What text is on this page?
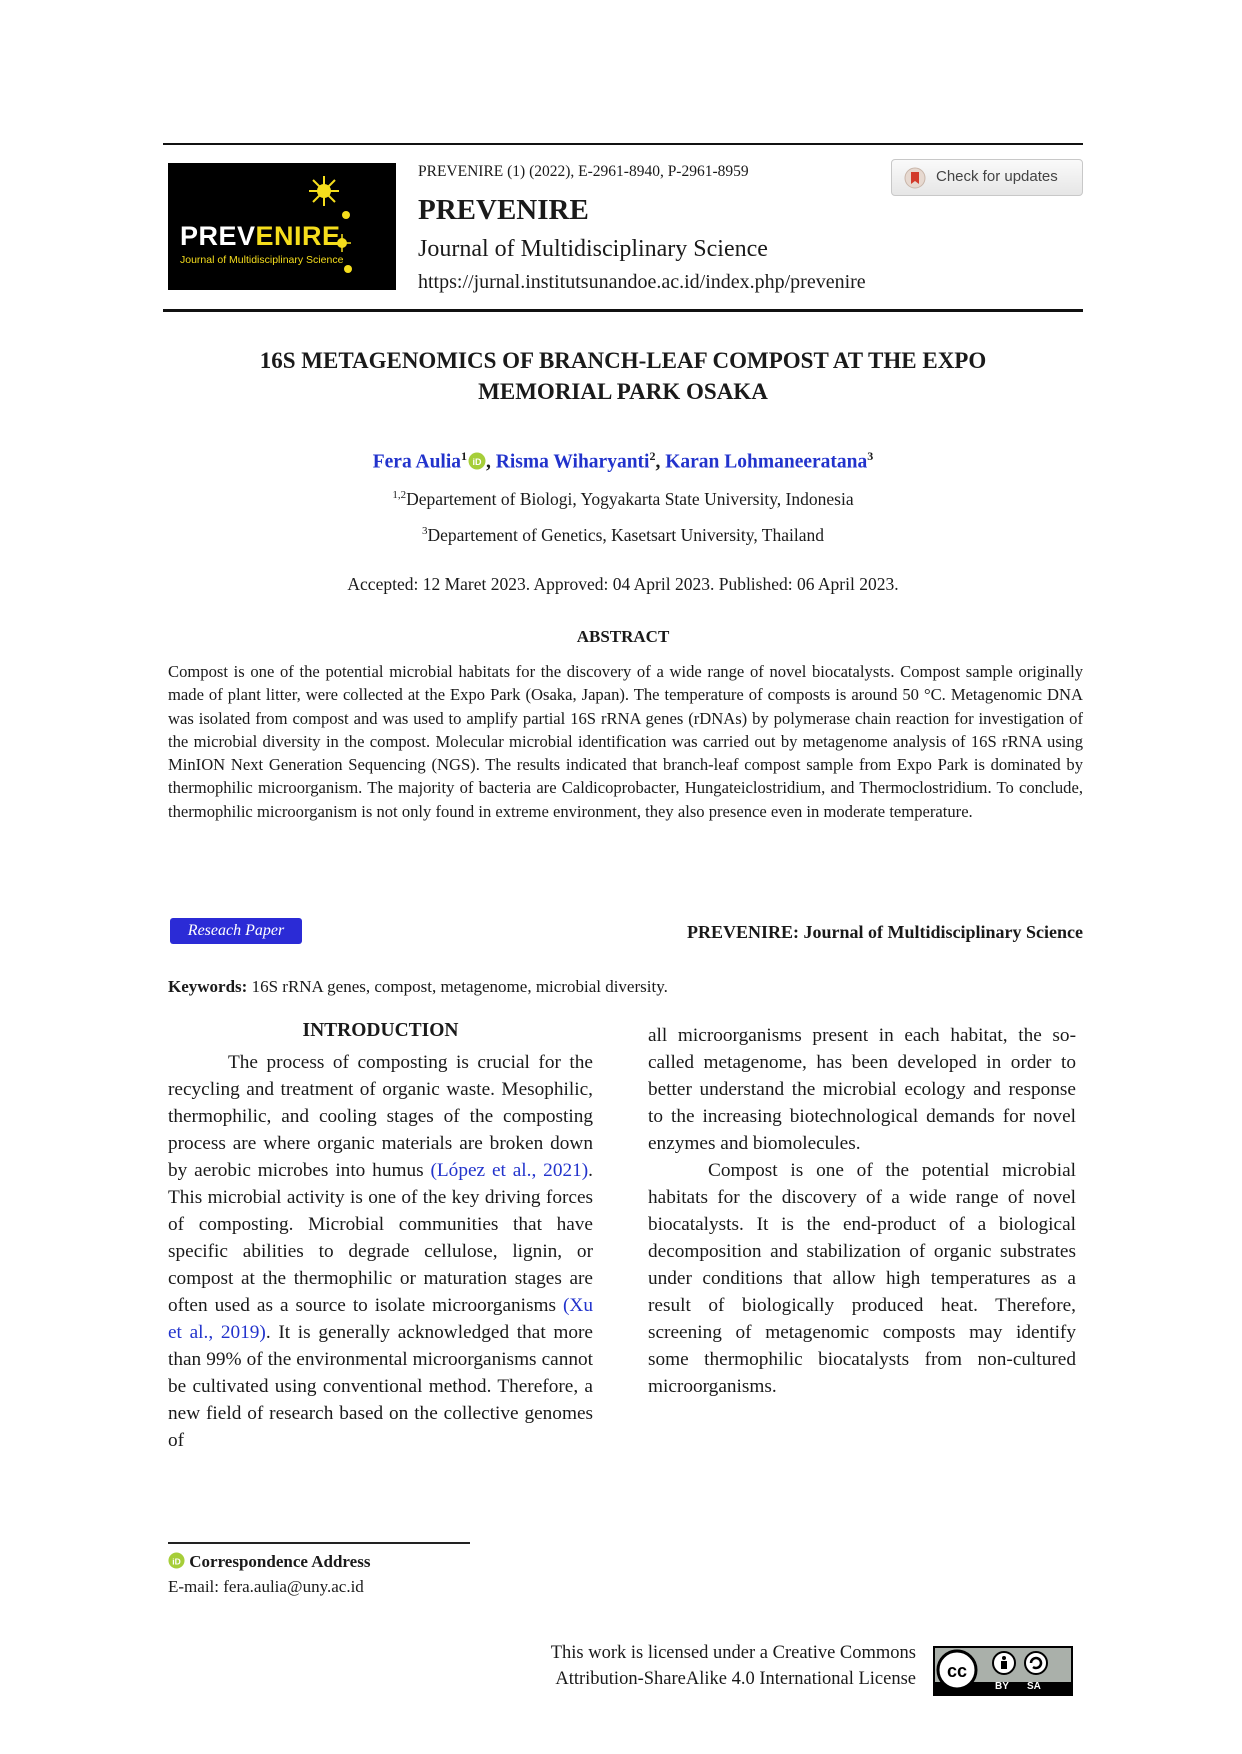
PREVENIRE
Journal of Multidisciplinary Science
PREVENIRE (1) (2022), E-2961-8940, P-2961-8959
PREVENIRE
Journal of Multidisciplinary Science
https://jurnal.institutsunandoe.ac.id/index.php/prevenire
Check for updates
16S METAGENOMICS OF BRANCH-LEAF COMPOST AT THE EXPO
MEMORIAL PARK OSAKA
Fera Aulia$^1$ iD , Risma Wiharyanti$^2$, Karan Lohmaneeratana$^3$
$^{1,2}$Departement of Biologi, Yogyakarta State University, Indonesia
$^3$Departement of Genetics, Kasetsart University, Thailand
Accepted: 12 Maret 2023. Approved: 04 April 2023. Published: 06 April 2023.
ABSTRACT
Compost is one of the potential microbial habitats for the discovery of a wide range of novel biocatalysts. Compost sample originally made of plant litter, were collected at the Expo Park (Osaka, Japan). The temperature of composts is around 50 °C. Metagenomic DNA was isolated from compost and was used to amplify partial 16S rRNA genes (rDNAs) by polymerase chain reaction for investigation of the microbial diversity in the compost. Molecular microbial identification was carried out by metagenome analysis of 16S rRNA using MinION Next Generation Sequencing (NGS). The results indicated that branch-leaf compost sample from Expo Park is dominated by thermophilic microorganism. The majority of bacteria are Caldicoprobacter, Hungateiclostridium, and Thermoclostridium. To conclude, thermophilic microorganism is not only found in extreme environment, they also presence even in moderate temperature.
Reseach Paper	PREVENIRE: Journal of Multidisciplinary Science
Keywords: 16S rRNA genes, compost, metagenome, microbial diversity.
INTRODUCTION

The process of composting is crucial for the recycling and treatment of organic waste. Mesophilic, thermophilic, and cooling stages of the composting process are where organic materials are broken down by aerobic microbes into humus (López et al., 2021). This microbial activity is one of the key driving forces of composting. Microbial communities that have specific abilities to degrade cellulose, lignin, or compost at the thermophilic or maturation stages are often used as a source to isolate microorganisms (Xu et al., 2019). It is generally acknowledged that more than 99% of the environmental microorganisms cannot be cultivated using conventional method. Therefore, a new field of research based on the collective genomes of

all microorganisms present in each habitat, the so-called metagenome, has been developed in order to better understand the microbial ecology and response to the increasing biotechnological demands for novel enzymes and biomolecules.

Compost is one of the potential microbial habitats for the discovery of a wide range of novel biocatalysts. It is the end-product of a biological decomposition and stabilization of organic substrates under conditions that allow high temperatures as a result of biologically produced heat. Therefore, screening of metagenomic composts may identify some thermophilic biocatalysts from non-cultured microorganisms.

iD Correspondence Address
E-mail: fera.aulia@uny.ac.id
This work is licensed under a Creative Commons
Attribution-ShareAlike 4.0 International License cc
BY SA
